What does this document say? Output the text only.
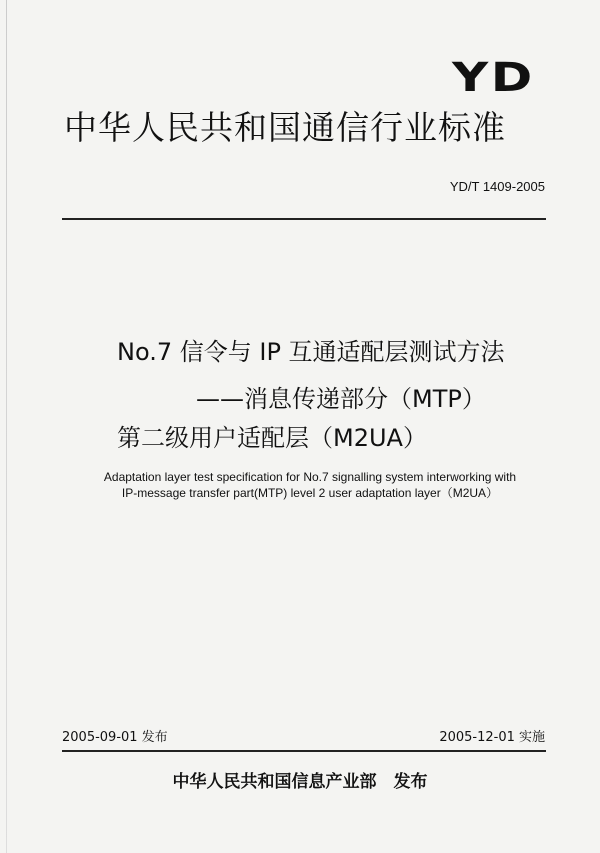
YD
中华人民共和国通信行业标准
YD/T 1409-2005
No.7 信令与 IP 互通适配层测试方法
——消息传递部分（MTP）
第二级用户适配层（M2UA）
Adaptation layer test specification for No.7 signalling system interworking with
IP-message transfer part(MTP) level 2 user adaptation layer（M2UA）
2005-09-01 发布	2005-12-01 实施
中华人民共和国信息产业部　发布
